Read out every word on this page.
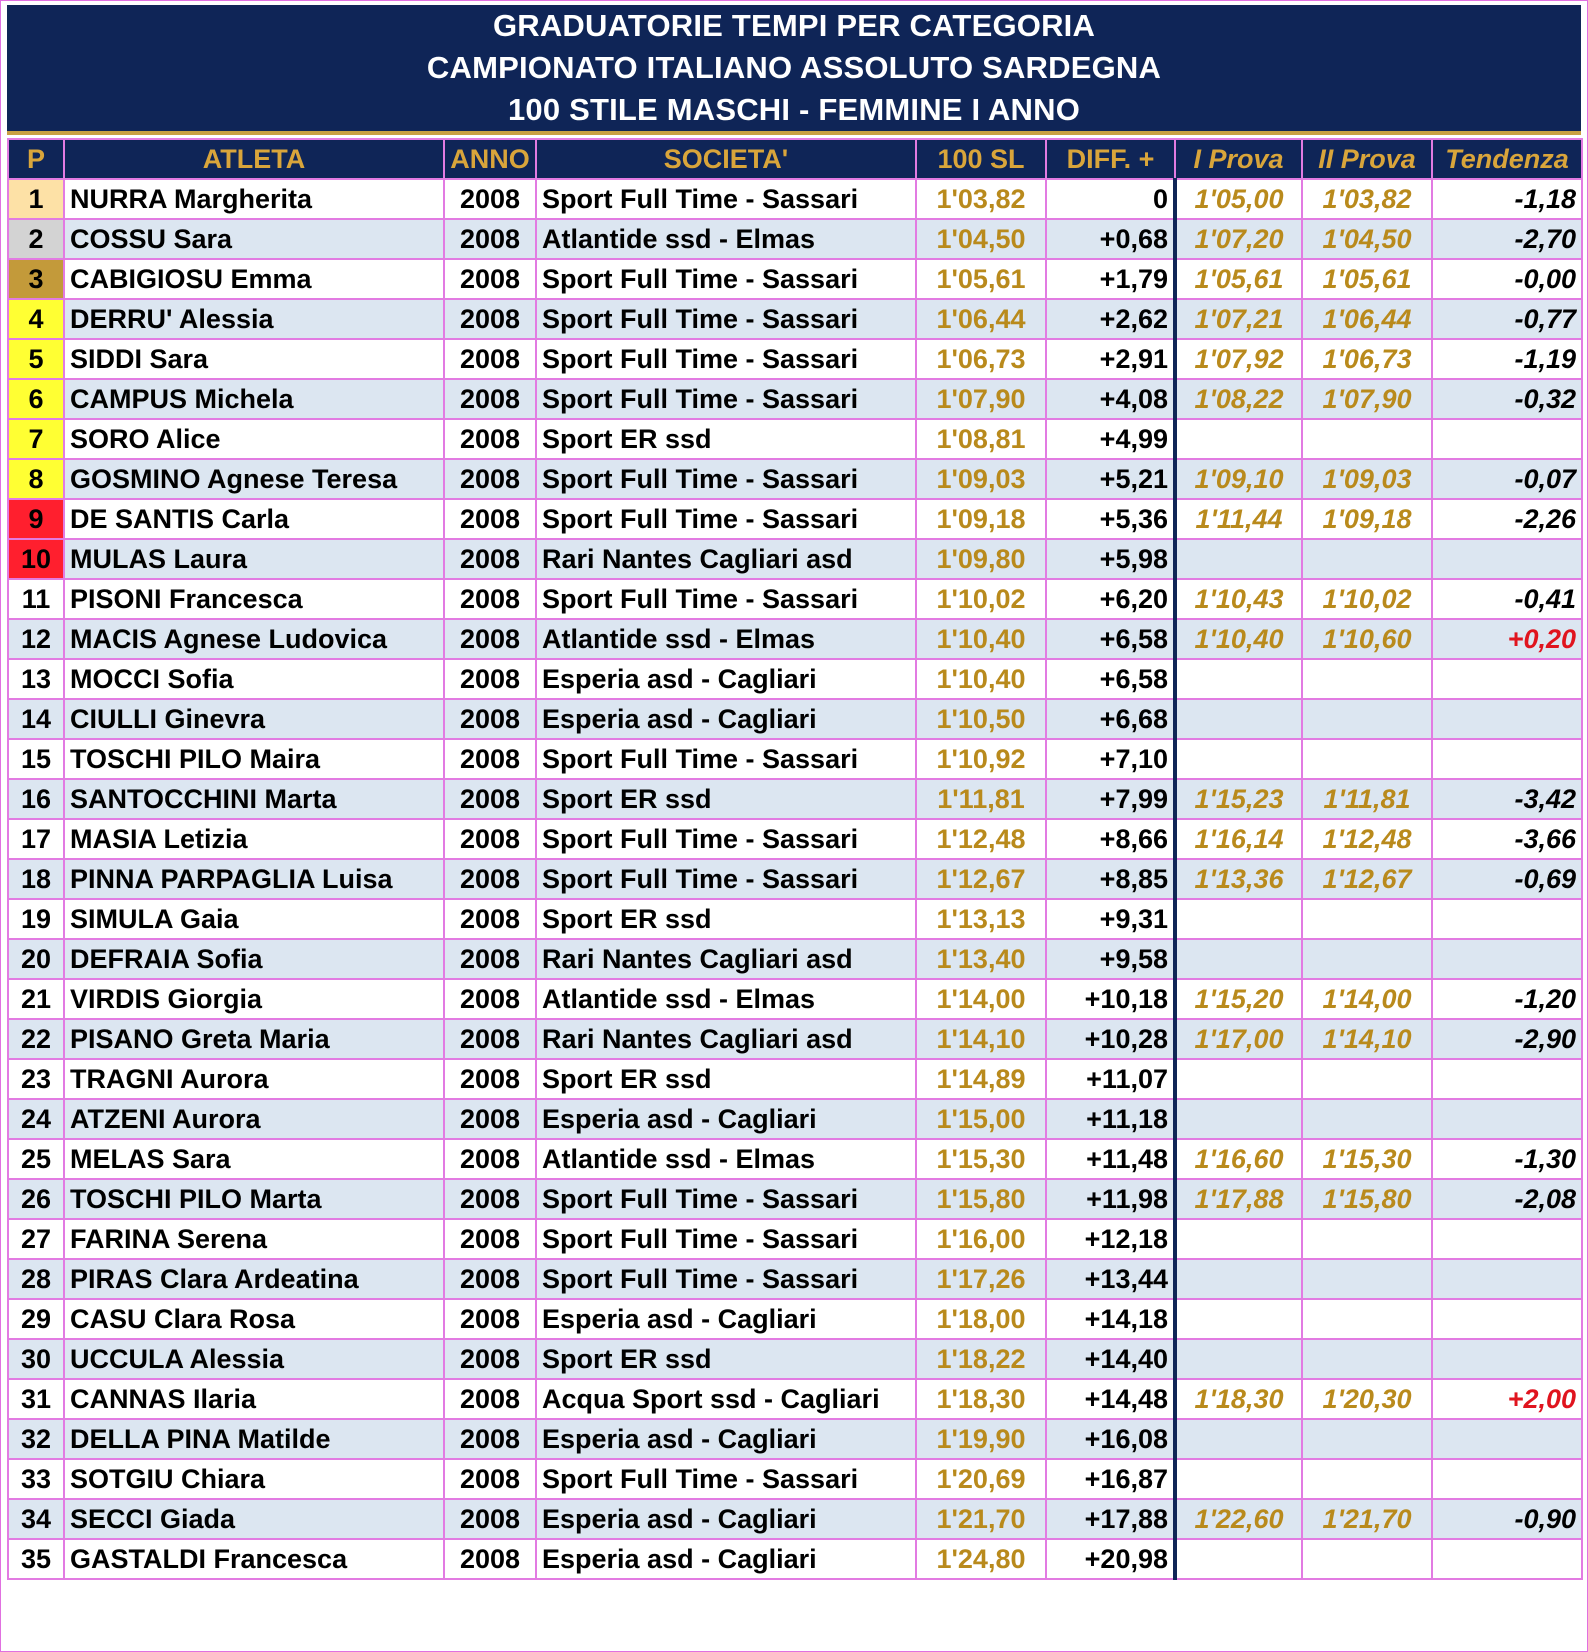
GRADUATORIE TEMPI PER CATEGORIA
CAMPIONATO ITALIANO ASSOLUTO SARDEGNA
100 STILE MASCHI - FEMMINE I ANNO
P	ATLETA	ANNO	SOCIETA'	100 SL	DIFF. +	I Prova	II Prova	Tendenza
1	NURRA Margherita	2008	Sport Full Time - Sassari	1'03,82	0	1'05,00	1'03,82	-1,18
2	COSSU Sara	2008	Atlantide ssd - Elmas	1'04,50	+0,68	1'07,20	1'04,50	-2,70
3	CABIGIOSU Emma	2008	Sport Full Time - Sassari	1'05,61	+1,79	1'05,61	1'05,61	-0,00
4	DERRU' Alessia	2008	Sport Full Time - Sassari	1'06,44	+2,62	1'07,21	1'06,44	-0,77
5	SIDDI Sara	2008	Sport Full Time - Sassari	1'06,73	+2,91	1'07,92	1'06,73	-1,19
6	CAMPUS Michela	2008	Sport Full Time - Sassari	1'07,90	+4,08	1'08,22	1'07,90	-0,32
7	SORO Alice	2008	Sport ER ssd	1'08,81	+4,99			
8	GOSMINO Agnese Teresa	2008	Sport Full Time - Sassari	1'09,03	+5,21	1'09,10	1'09,03	-0,07
9	DE SANTIS Carla	2008	Sport Full Time - Sassari	1'09,18	+5,36	1'11,44	1'09,18	-2,26
10	MULAS Laura	2008	Rari Nantes Cagliari asd	1'09,80	+5,98			
11	PISONI Francesca	2008	Sport Full Time - Sassari	1'10,02	+6,20	1'10,43	1'10,02	-0,41
12	MACIS Agnese Ludovica	2008	Atlantide ssd - Elmas	1'10,40	+6,58	1'10,40	1'10,60	+0,20
13	MOCCI Sofia	2008	Esperia asd - Cagliari	1'10,40	+6,58			
14	CIULLI Ginevra	2008	Esperia asd - Cagliari	1'10,50	+6,68			
15	TOSCHI PILO Maira	2008	Sport Full Time - Sassari	1'10,92	+7,10			
16	SANTOCCHINI Marta	2008	Sport ER ssd	1'11,81	+7,99	1'15,23	1'11,81	-3,42
17	MASIA Letizia	2008	Sport Full Time - Sassari	1'12,48	+8,66	1'16,14	1'12,48	-3,66
18	PINNA PARPAGLIA Luisa	2008	Sport Full Time - Sassari	1'12,67	+8,85	1'13,36	1'12,67	-0,69
19	SIMULA Gaia	2008	Sport ER ssd	1'13,13	+9,31			
20	DEFRAIA Sofia	2008	Rari Nantes Cagliari asd	1'13,40	+9,58			
21	VIRDIS Giorgia	2008	Atlantide ssd - Elmas	1'14,00	+10,18	1'15,20	1'14,00	-1,20
22	PISANO Greta Maria	2008	Rari Nantes Cagliari asd	1'14,10	+10,28	1'17,00	1'14,10	-2,90
23	TRAGNI Aurora	2008	Sport ER ssd	1'14,89	+11,07			
24	ATZENI Aurora	2008	Esperia asd - Cagliari	1'15,00	+11,18			
25	MELAS Sara	2008	Atlantide ssd - Elmas	1'15,30	+11,48	1'16,60	1'15,30	-1,30
26	TOSCHI PILO Marta	2008	Sport Full Time - Sassari	1'15,80	+11,98	1'17,88	1'15,80	-2,08
27	FARINA Serena	2008	Sport Full Time - Sassari	1'16,00	+12,18			
28	PIRAS Clara Ardeatina	2008	Sport Full Time - Sassari	1'17,26	+13,44			
29	CASU Clara Rosa	2008	Esperia asd - Cagliari	1'18,00	+14,18			
30	UCCULA Alessia	2008	Sport ER ssd	1'18,22	+14,40			
31	CANNAS Ilaria	2008	Acqua Sport ssd - Cagliari	1'18,30	+14,48	1'18,30	1'20,30	+2,00
32	DELLA PINA Matilde	2008	Esperia asd - Cagliari	1'19,90	+16,08			
33	SOTGIU Chiara	2008	Sport Full Time - Sassari	1'20,69	+16,87			
34	SECCI Giada	2008	Esperia asd - Cagliari	1'21,70	+17,88	1'22,60	1'21,70	-0,90
35	GASTALDI Francesca	2008	Esperia asd - Cagliari	1'24,80	+20,98			
